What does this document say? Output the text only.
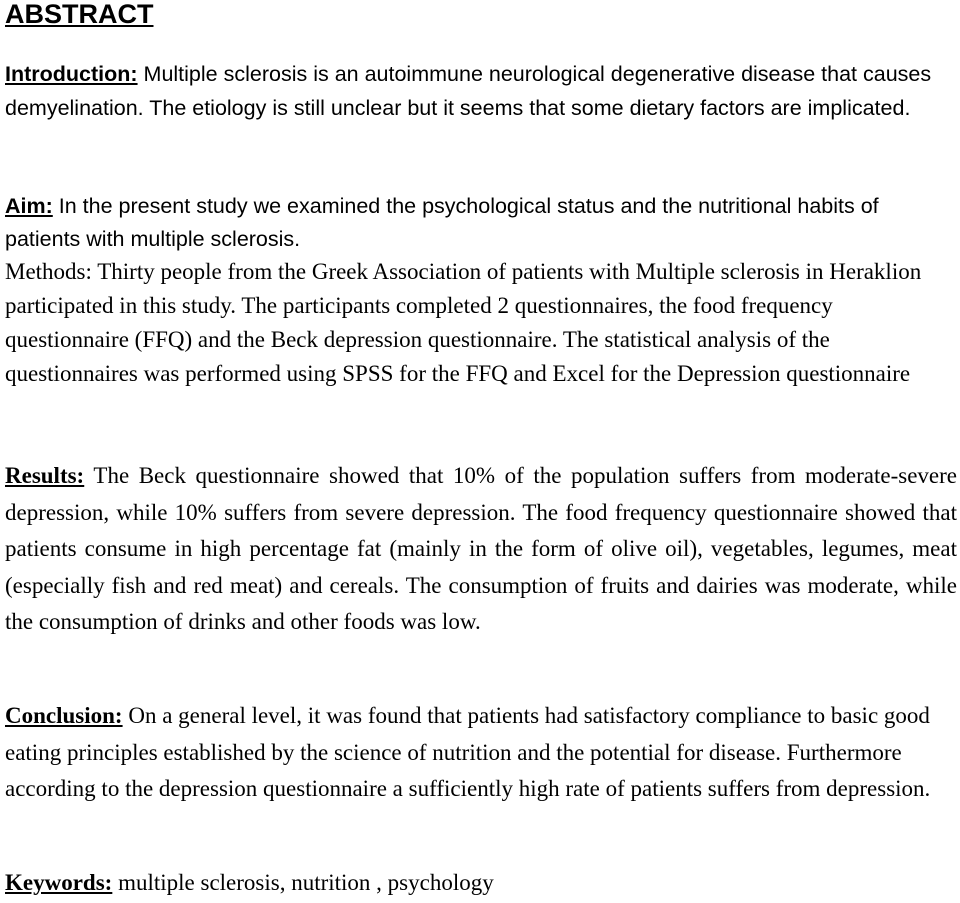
ABSTRACT

Introduction: Multiple sclerosis is an autoimmune neurological degenerative disease that causes demyelination. The etiology is still unclear but it seems that some dietary factors are implicated.

Aim: In the present study we examined the psychological status and the nutritional habits of patients with multiple sclerosis.

Methods: Thirty people from the Greek Association of patients with Multiple sclerosis in Heraklion participated in this study. The participants completed 2 questionnaires, the food frequency questionnaire (FFQ) and the Beck depression questionnaire. The statistical analysis of the questionnaires was performed using SPSS for the FFQ and Excel for the Depression questionnaire

Results: The Beck questionnaire showed that 10% of the population suffers from moderate-severe depression, while 10% suffers from severe depression. The food frequency questionnaire showed that patients consume in high percentage fat (mainly in the form of olive oil), vegetables, legumes, meat (especially fish and red meat) and cereals. The consumption of fruits and dairies was moderate, while the consumption of drinks and other foods was low.

Conclusion: On a general level, it was found that patients had satisfactory compliance to basic good eating principles established by the science of nutrition and the potential for disease. Furthermore according to the depression questionnaire a sufficiently high rate of patients suffers from depression.

Keywords: multiple sclerosis, nutrition , psychology
